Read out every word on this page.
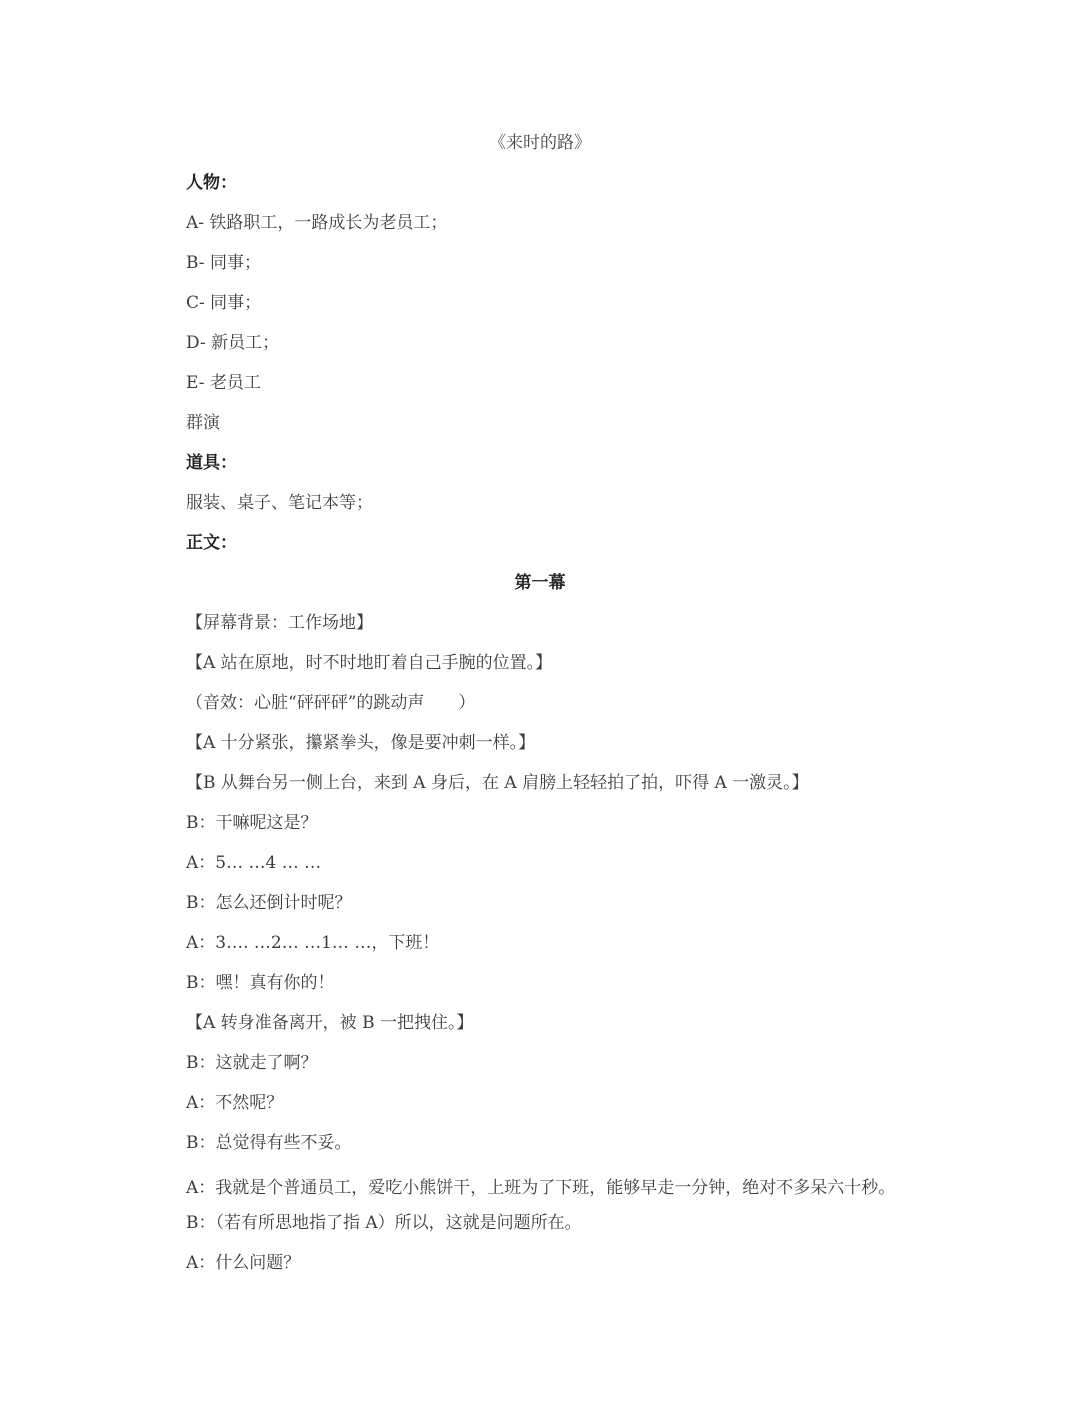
《来时的路》
人物：
A- 铁路职工，一路成长为老员工；
B- 同事；
C- 同事；
D- 新员工；
E- 老员工
群演
道具：
服装、桌子、笔记本等；
正文：
第一幕
【屏幕背景：工作场地】
【A 站在原地，时不时地盯着自己手腕的位置。】
（音效：心脏“砰砰砰”的跳动声　　）
【A 十分紧张，攥紧拳头，像是要冲刺一样。】
【B 从舞台另一侧上台，来到 A 身后，在 A 肩膀上轻轻拍了拍，吓得 A 一激灵。】
B：干嘛呢这是？
A：5… …4 … …
B：怎么还倒计时呢？
A：3…. …2… …1… …，下班！
B：嘿！真有你的！
【A 转身准备离开，被 B 一把拽住。】
B：这就走了啊？
A：不然呢？
B：总觉得有些不妥。
A：我就是个普通员工，爱吃小熊饼干，上班为了下班，能够早走一分钟，绝对不多呆六十秒。
B：（若有所思地指了指 A）所以，这就是问题所在。
A：什么问题？
